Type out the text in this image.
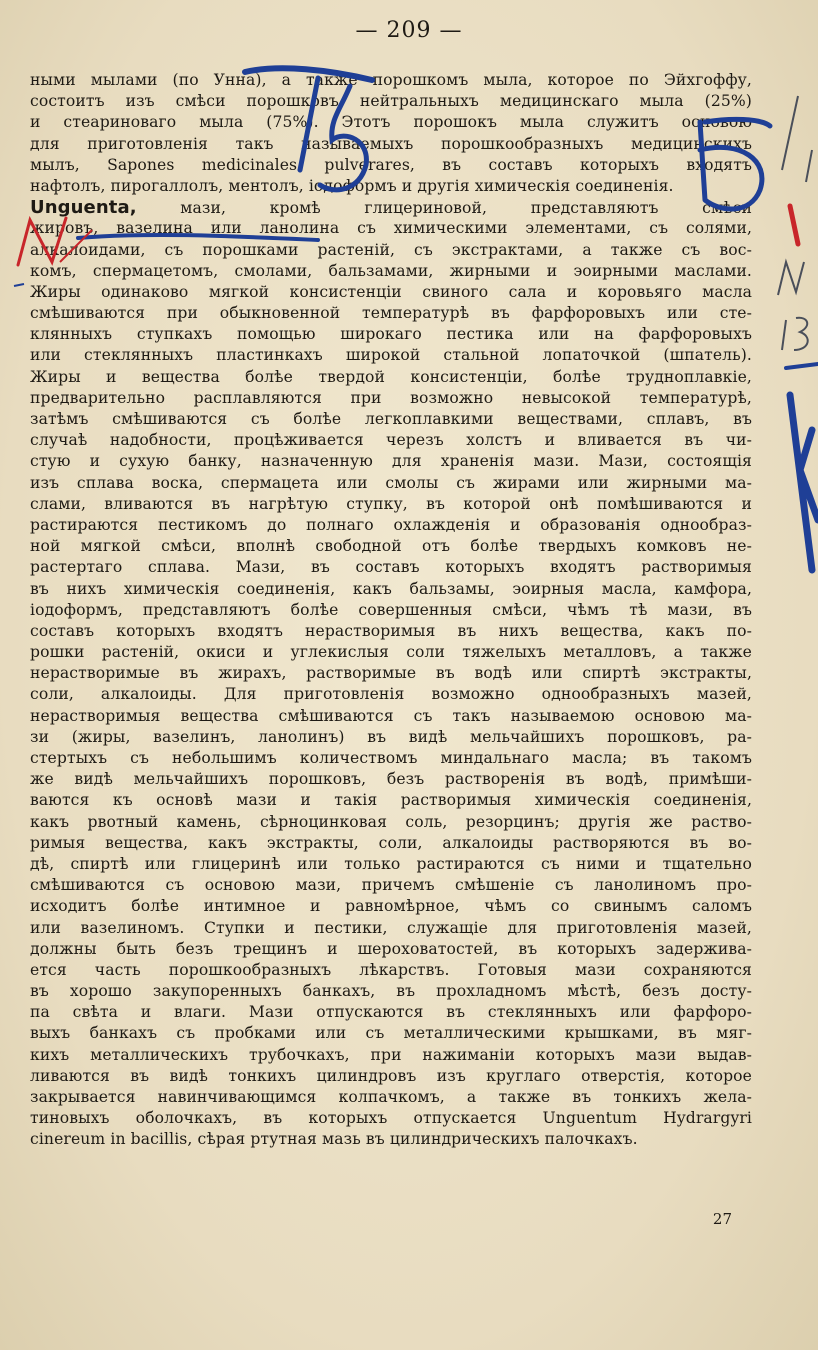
— 209 —
ными мылами (по Унна), а также порошкомъ мыла, которое по Эйхгоффу,
состоитъ изъ смѣси порошковъ нейтральныхъ медицинскаго мыла (25%)
и стеариноваго мыла (75%). Этотъ порошокъ мыла служитъ основою
для приготовленія такъ называемыхъ порошкообразныхъ медицинскихъ
мылъ, Sapones medicinales pulverares, въ составъ которыхъ входятъ
нафтолъ, пирогаллолъ, ментолъ, іодоформъ и другія химическія соединенія.
Unguenta,	мази, кромѣ глицериновой, представляютъ смѣси
жировъ, вазелина или ланолина съ химическими элементами, съ солями,
алкалоидами, съ порошками растеній, съ экстрактами, а также съ вос-
комъ, спермацетомъ, смолами, бальзамами, жирными и эоирными маслами.
Жиры одинаково мягкой консистенціи свиного сала и коровьяго масла
смѣшиваются при обыкновенной температурѣ въ фарфоровыхъ или сте-
клянныхъ ступкахъ помощью широкаго пестика или на фарфоровыхъ
или стеклянныхъ пластинкахъ широкой стальной лопаточкой (шпатель).
Жиры и вещества болѣе твердой консистенціи, болѣе трудноплавкіе,
предварительно расплавляются при возможно невысокой температурѣ,
затѣмъ смѣшиваются съ болѣе легкоплавкими веществами, сплавъ, въ
случаѣ надобности, процѣживается черезъ холстъ и вливается въ чи-
стую и сухую банку, назначенную для храненія мази. Мази, состоящія
изъ сплава воска, спермацета или смолы съ жирами или жирными ма-
слами, вливаются въ нагрѣтую ступку, въ которой онѣ помѣшиваются и
растираются пестикомъ до полнаго охлажденія и образованія однообраз-
ной мягкой смѣси, вполнѣ свободной отъ болѣе твердыхъ комковъ не-
растертаго сплава. Мази, въ составъ которыхъ входятъ растворимыя
въ нихъ химическія соединенія, какъ бальзамы, эоирныя масла, камфора,
іодоформъ, представляютъ болѣе совершенныя смѣси, чѣмъ тѣ мази, въ
составъ которыхъ входятъ нерастворимыя въ нихъ вещества, какъ по-
рошки растеній, окиси и углекислыя соли тяжелыхъ металловъ, а также
нерастворимые въ жирахъ, растворимые въ водѣ или спиртѣ экстракты,
соли, алкалоиды. Для приготовленія возможно однообразныхъ мазей,
нерастворимыя вещества смѣшиваются съ такъ называемою основою ма-
зи (жиры, вазелинъ, ланолинъ) въ видѣ мельчайшихъ порошковъ, ра-
стертыхъ съ небольшимъ количествомъ миндальнаго масла; въ такомъ
же видѣ мельчайшихъ порошковъ, безъ растворенія въ водѣ, примѣши-
ваются къ основѣ мази и такія растворимыя химическія соединенія,
какъ рвотный камень, сѣрноцинковая соль, резорцинъ; другія же раство-
римыя вещества, какъ экстракты, соли, алкалоиды растворяются въ во-
дѣ, спиртѣ или глицеринѣ или только растираются съ ними и тщательно
смѣшиваются съ основою мази, причемъ смѣшеніе съ ланолиномъ про-
исходитъ болѣе интимное и равномѣрное, чѣмъ со свинымъ саломъ
или вазелиномъ. Ступки и пестики, служащіе для приготовленія мазей,
должны быть безъ трещинъ и шероховатостей, въ которыхъ задержива-
ется часть порошкообразныхъ лѣкарствъ. Готовыя мази сохраняются
въ хорошо закупоренныхъ банкахъ, въ прохладномъ мѣстѣ, безъ досту-
па свѣта и влаги. Мази отпускаются въ стеклянныхъ или фарфоро-
выхъ банкахъ съ пробками или съ металлическими крышками, въ мяг-
кихъ металлическихъ трубочкахъ, при нажиманіи которыхъ мази выдав-
ливаются въ видѣ тонкихъ цилиндровъ изъ круглаго отверстія, которое
закрывается навинчивающимся колпачкомъ, а также въ тонкихъ жела-
тиновыхъ оболочкахъ, въ которыхъ отпускается Unguentum Hydrargyri
cinereum in bacillis, сѣрая ртутная мазь въ цилиндрическихъ палочкахъ.
27
